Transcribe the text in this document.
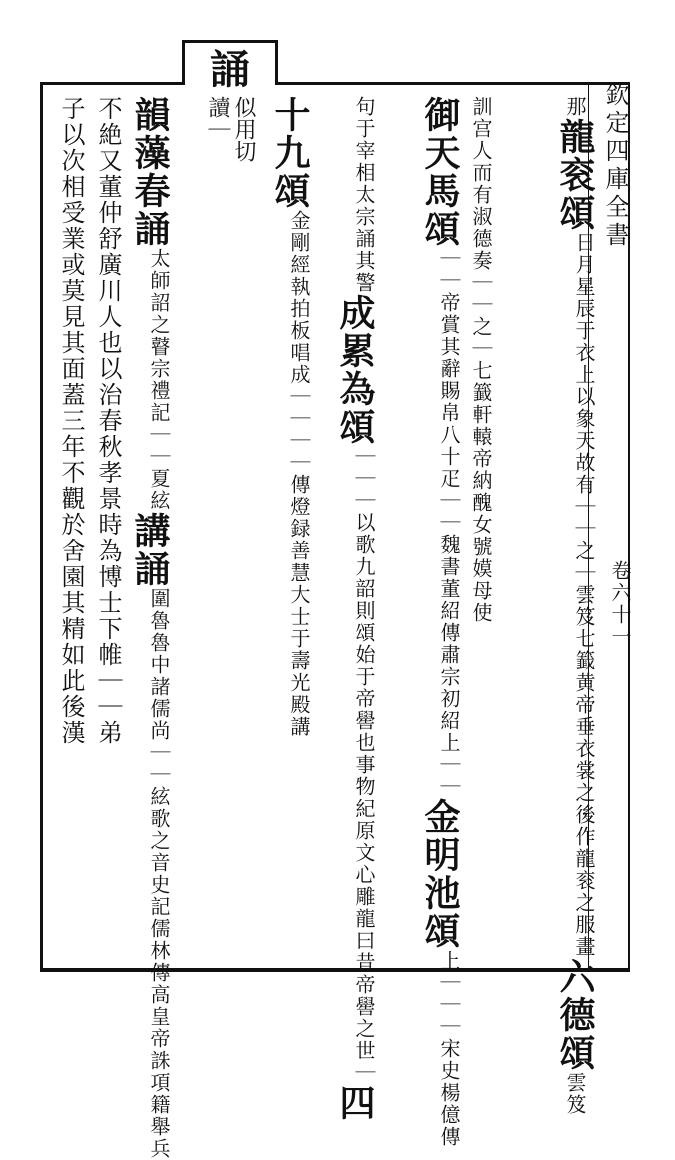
欽定四庫全書
卷六十一
誦
似用切
讀｜	那龍衮頌
雲笈七籖黄帝垂衣裳之後作龍衮之服畫
日月星辰于衣上以象天故有｜｜之｜
六德頌雲笈
七籖軒轅帝納醜女號嫫母使
訓宫人而有淑德奏｜｜之｜
御天馬頌
｜｜魏書董紹傳肅宗初紹上｜｜
｜｜帝賞其辭賜帛八十疋
金明池頌
宋史楊億傳
上｜｜｜
太宗誦其警
句于宰相
成累為頌
事物紀原文心雕龍曰昔帝嚳之世｜
｜｜｜以歌九韶則頌始于帝嚳也
四
十九頌
傳燈録善慧大士于壽光殿講
金剛經執拍板唱成｜｜｜｜
韻藻春誦
禮記｜｜夏絃
太師詔之瞽宗
講誦
史記儒林傳高皇帝誅項籍舉兵
圍魯魯中諸儒尚｜｜絃歌之音
不絶又董仲舒廣川人也以治春秋孝景時為博士下帷｜｜弟
子以次相受業或莫見其面蓋三年不觀於舍園其精如此後漢
